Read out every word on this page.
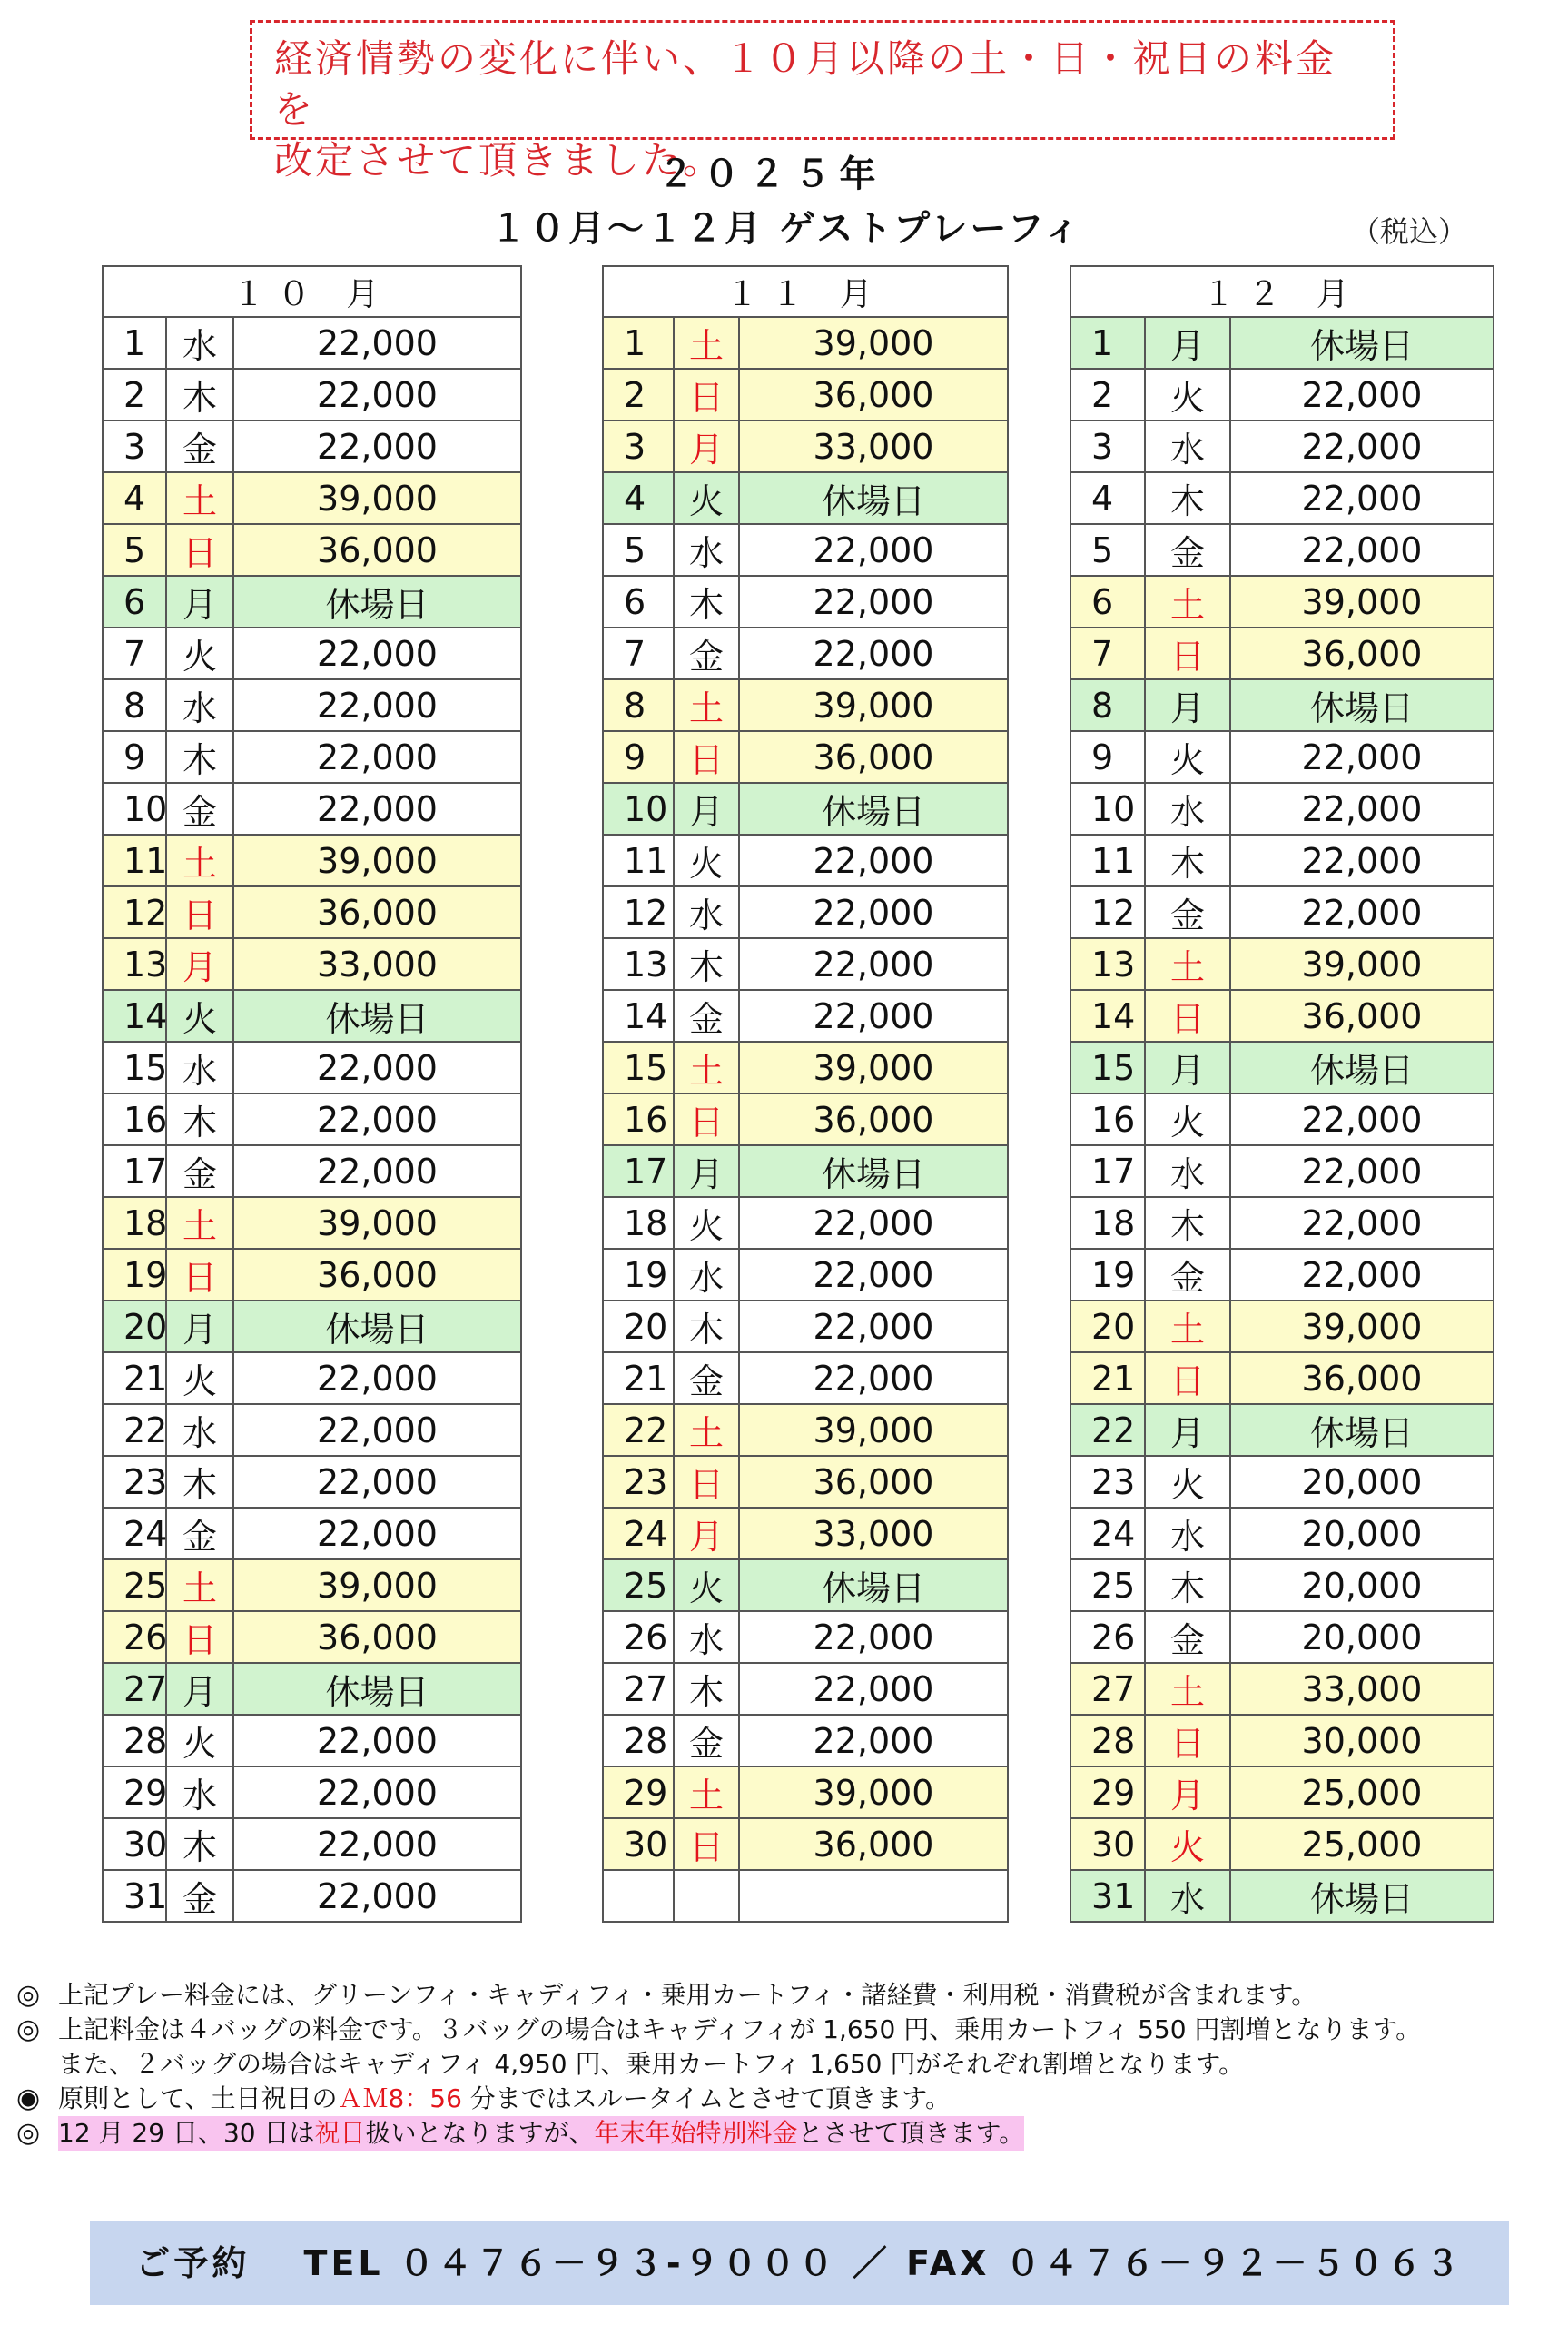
経済情勢の変化に伴い、１０月以降の土・日・祝日の料金を
改定させて頂きました。
２０２５年
１０月～１２月 ゲストプレーフィ	（税込）
１０ 月		
1	水	22,000
2	木	22,000
3	金	22,000
4	土	39,000
5	日	36,000
6	月	休場日
7	火	22,000
8	水	22,000
9	木	22,000
10	金	22,000
11	土	39,000
12	日	36,000
13	月	33,000
14	火	休場日
15	水	22,000
16	木	22,000
17	金	22,000
18	土	39,000
19	日	36,000
20	月	休場日
21	火	22,000
22	水	22,000
23	木	22,000
24	金	22,000
25	土	39,000
26	日	36,000
27	月	休場日
28	火	22,000
29	水	22,000
30	木	22,000
31	金	22,000
１１ 月		
1	土	39,000
2	日	36,000
3	月	33,000
4	火	休場日
5	水	22,000
6	木	22,000
7	金	22,000
8	土	39,000
9	日	36,000
10	月	休場日
11	火	22,000
12	水	22,000
13	木	22,000
14	金	22,000
15	土	39,000
16	日	36,000
17	月	休場日
18	火	22,000
19	水	22,000
20	木	22,000
21	金	22,000
22	土	39,000
23	日	36,000
24	月	33,000
25	火	休場日
26	水	22,000
27	木	22,000
28	金	22,000
29	土	39,000
30	日	36,000

１２ 月		
1	月	休場日
2	火	22,000
3	水	22,000
4	木	22,000
5	金	22,000
6	土	39,000
7	日	36,000
8	月	休場日
9	火	22,000
10	水	22,000
11	木	22,000
12	金	22,000
13	土	39,000
14	日	36,000
15	月	休場日
16	火	22,000
17	水	22,000
18	木	22,000
19	金	22,000
20	土	39,000
21	日	36,000
22	月	休場日
23	火	20,000
24	水	20,000
25	木	20,000
26	金	20,000
27	土	33,000
28	日	30,000
29	月	25,000
30	火	25,000
31	水	休場日
◎ 上記プレー料金には、グリーンフィ・キャディフィ・乗用カートフィ・諸経費・利用税・消費税が含まれます。
◎ 上記料金は４バッグの料金です。３バッグの場合はキャディフィが 1,650 円、乗用カートフィ 550 円割増となります。
また、２バッグの場合はキャディフィ 4,950 円、乗用カートフィ 1,650 円がそれぞれ割増となります。
◉ 原則として、土日祝日のＡＭ8：56 分まではスルータイムとさせて頂きます。
◎ 12 月 29 日、30 日は祝日扱いとなりますが、年末年始特別料金とさせて頂きます。
ご予約　 TEL ０４７６－９３-９０００ ／ FAX ０４７６－９２－５０６３
